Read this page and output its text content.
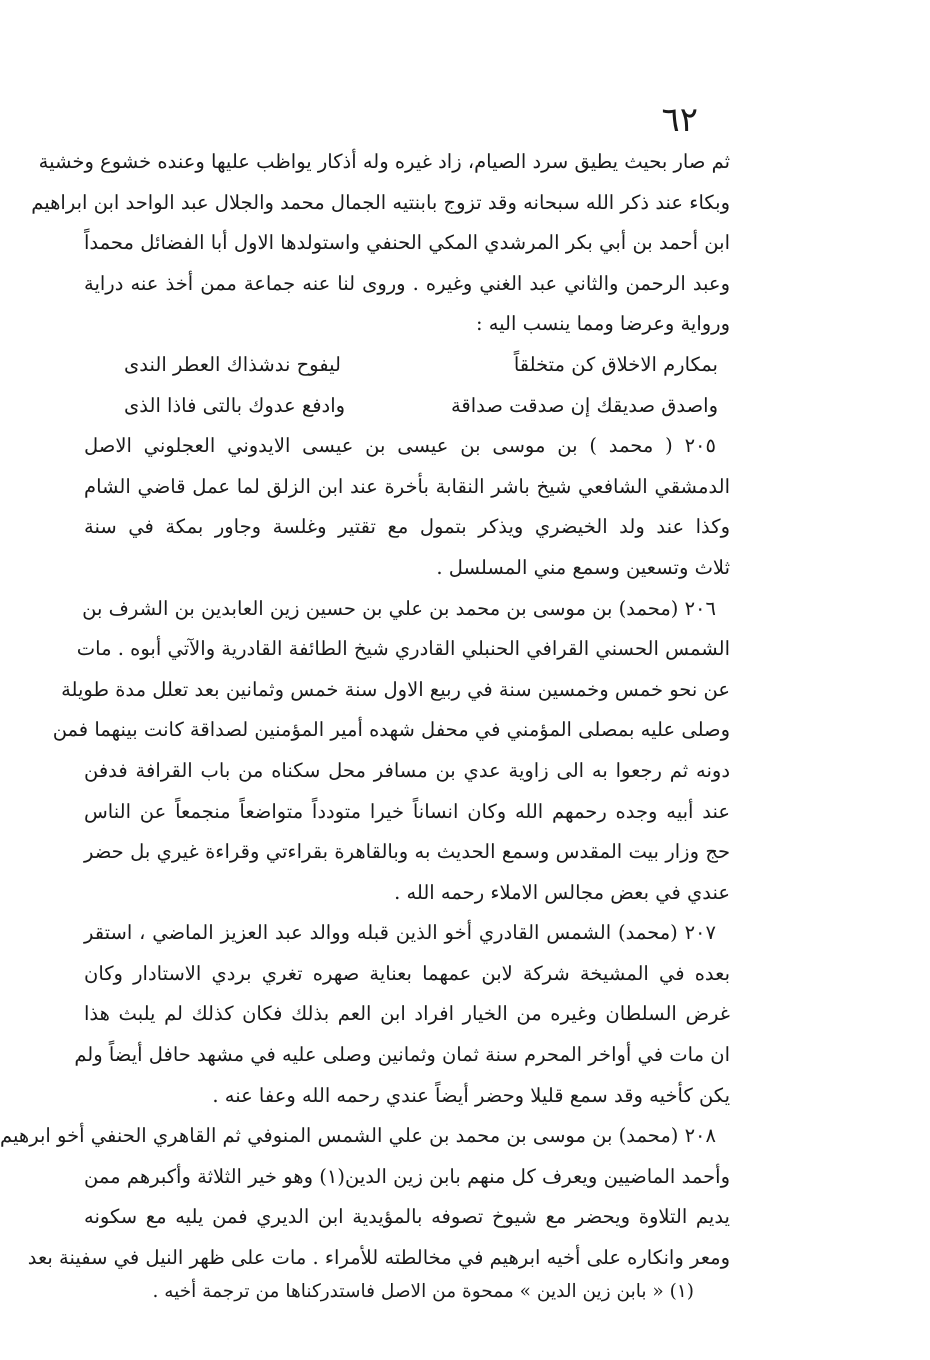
٦٢
ثم صار بحيث يطيق سرد الصيام، زاد غيره وله أذكار يواظب عليها وعنده خشوع وخشية
وبكاء عند ذكر الله سبحانه وقد تزوج بابنتيه الجمال محمد والجلال عبد الواحد ابن ابراهيم
ابن أحمد بن أبي بكر المرشدي المكي الحنفي واستولدها الاول أبا الفضائل محمداً
وعبد الرحمن والثاني عبد الغني وغيره . وروى لنا عنه جماعة ممن أخذ عنه دراية
ورواية وعرضا ومما ينسب اليه :
بمكارم الاخلاق كن متخلقاً
ليفوح ندشذاك العطر الندى
واصدق صديقك إن صدقت صداقة
وادفع عدوك بالتى فاذا الذى
٢٠٥ ( محمد ) بن موسى بن عيسى بن عيسى الايدوني العجلوني الاصل
الدمشقي الشافعي شيخ باشر النقابة بأخرة عند ابن الزلق لما عمل قاضي الشام
وكذا عند ولد الخيضري ويذكر بتمول مع تقتير وغلسة وجاور بمكة في سنة
ثلاث وتسعين وسمع مني المسلسل .
٢٠٦ (محمد) بن موسى بن محمد بن علي بن حسين زين العابدين بن الشرف بن
الشمس الحسني القرافي الحنبلي القادري شيخ الطائفة القادرية والآتي أبوه . مات
عن نحو خمس وخمسين سنة في ربيع الاول سنة خمس وثمانين بعد تعلل مدة طويلة
وصلى عليه بمصلى المؤمني في محفل شهده أمير المؤمنين لصداقة كانت بينهما فمن
دونه ثم رجعوا به الى زاوية عدي بن مسافر محل سكناه من باب القرافة فدفن
عند أبيه وجده رحمهم الله وكان انساناً خيرا متودداً متواضعاً منجمعاً عن الناس
حج وزار بيت المقدس وسمع الحديث به وبالقاهرة بقراءتي وقراءة غيري بل حضر
عندي في بعض مجالس الاملاء رحمه الله .
٢٠٧ (محمد) الشمس القادري أخو الذين قبله ووالد عبد العزيز الماضي ، استقر
بعده في المشيخة شركة لابن عمهما بعناية صهره تغري بردي الاستادار وكان
غرض السلطان وغيره من الخيار افراد ابن العم بذلك فكان كذلك لم يلبث هذا
ان مات في أواخر المحرم سنة ثمان وثمانين وصلى عليه في مشهد حافل أيضاً ولم
يكن كأخيه وقد سمع قليلا وحضر أيضاً عندي رحمه الله وعفا عنه .
٢٠٨ (محمد) بن موسى بن محمد بن علي الشمس المنوفي ثم القاهري الحنفي أخو ابرهيم
وأحمد الماضيين ويعرف كل منهم بابن زين الدين(١) وهو خير الثلاثة وأكبرهم ممن
يديم التلاوة ويحضر مع شيوخ تصوفه بالمؤيدية ابن الديري فمن يليه مع سكونه
ومعر وانكاره على أخيه ابرهيم في مخالطته للأمراء . مات على ظهر النيل في سفينة بعد
(١) « بابن زين الدين » ممحوة من الاصل فاستدركناها من ترجمة أخيه .
